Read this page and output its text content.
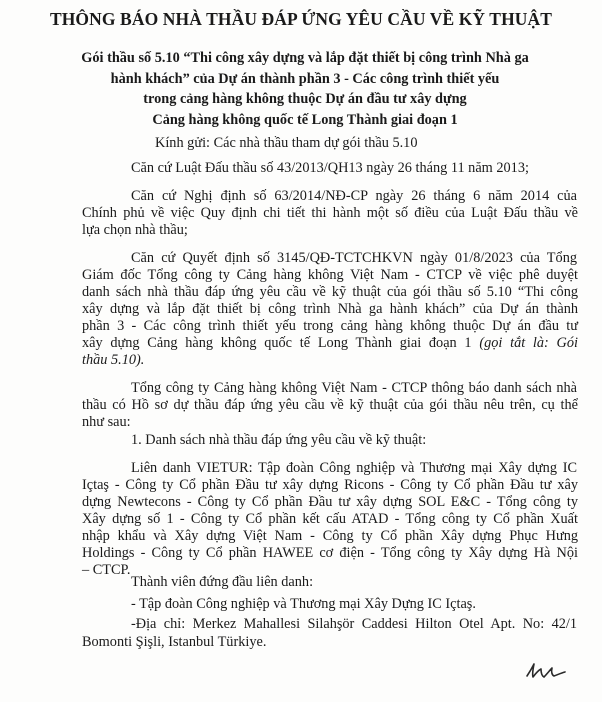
THÔNG BÁO NHÀ THẦU ĐÁP ỨNG YÊU CẦU VỀ KỸ THUẬT
Gói thầu số 5.10 “Thi công xây dựng và lắp đặt thiết bị công trình Nhà ga
hành khách” của Dự án thành phần 3 - Các công trình thiết yếu
trong cảng hàng không thuộc Dự án đầu tư xây dựng
Cảng hàng không quốc tế Long Thành giai đoạn 1
Kính gửi: Các nhà thầu tham dự gói thầu 5.10
Căn cứ Luật Đấu thầu số 43/2013/QH13 ngày 26 tháng 11 năm 2013;
Căn cứ Nghị định số 63/2014/NĐ-CP ngày 26 tháng 6 năm 2014 của
Chính phủ về việc Quy định chi tiết thi hành một số điều của Luật Đấu thầu về
lựa chọn nhà thầu;
Căn cứ Quyết định số 3145/QĐ-TCTCHKVN ngày 01/8/2023 của Tổng
Giám đốc Tổng công ty Cảng hàng không Việt Nam - CTCP về việc phê duyệt
danh sách nhà thầu đáp ứng yêu cầu về kỹ thuật của gói thầu số 5.10 “Thi công
xây dựng và lắp đặt thiết bị công trình Nhà ga hành khách” của Dự án thành
phần 3 - Các công trình thiết yếu trong cảng hàng không thuộc Dự án đầu tư
xây dựng Cảng hàng không quốc tế Long Thành giai đoạn 1 (gọi tắt là: Gói
thầu 5.10).
Tổng công ty Cảng hàng không Việt Nam - CTCP thông báo danh sách nhà
thầu có Hồ sơ dự thầu đáp ứng yêu cầu về kỹ thuật của gói thầu nêu trên, cụ thể
như sau:
1. Danh sách nhà thầu đáp ứng yêu cầu về kỹ thuật:
Liên danh VIETUR: Tập đoàn Công nghiệp và Thương mại Xây dựng IC
Içtaş - Công ty Cổ phần Đầu tư xây dựng Ricons - Công ty Cổ phần Đầu tư xây
dựng Newtecons - Công ty Cổ phần Đầu tư xây dựng SOL E&C - Tổng công ty
Xây dựng số 1 - Công ty Cổ phần kết cấu ATAD - Tổng công ty Cổ phần Xuất
nhập khẩu và Xây dựng Việt Nam - Công ty Cổ phần Xây dựng Phục Hưng
Holdings - Công ty Cổ phần HAWEE cơ điện - Tổng công ty Xây dựng Hà Nội
– CTCP.
Thành viên đứng đầu liên danh:
- Tập đoàn Công nghiệp và Thương mại Xây Dựng IC Içtaş.
-Địa chỉ: Merkez Mahallesi Silahşör Caddesi Hilton Otel Apt. No: 42/1
Bomonti Şişli, Istanbul Türkiye.
